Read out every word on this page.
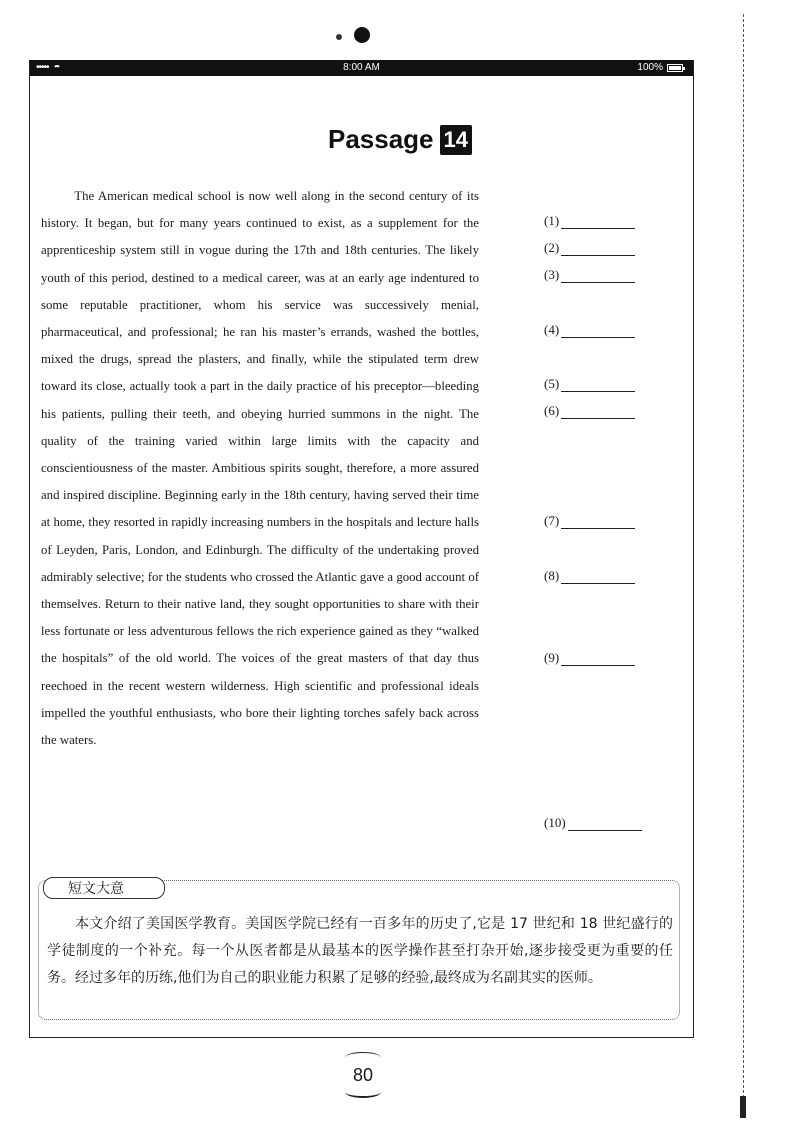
•••••	8:00 AM	100%
Passage 14

The American medical school is now well along in the second century of its history. It began, but for many years continued to exist, as a supplement for the apprenticeship system still in vogue during the 17th and 18th centuries. The likely youth of this period, destined to a medical career, was at an early age indentured to some reputable practitioner, whom his service was successively menial, pharmaceutical, and professional; he ran his master’s errands, washed the bottles, mixed the drugs, spread the plasters, and finally, while the stipulated term drew toward its close, actually took a part in the daily practice of his preceptor—bleeding his patients, pulling their teeth, and obeying hurried summons in the night. The quality of the training varied within large limits with the capacity and conscientiousness of the master. Ambitious spirits sought, therefore, a more assured and inspired discipline. Beginning early in the 18th century, having served their time at home, they resorted in rapidly increasing numbers in the hospitals and lecture halls of Leyden, Paris, London, and Edinburgh. The difficulty of the undertaking proved admirably selective; for the students who crossed the Atlantic gave a good account of themselves. Return to their native land, they sought opportunities to share with their less fortunate or less adventurous fellows the rich experience gained as they “walked the hospitals” of the old world. The voices of the great masters of that day thus reechoed in the recent western wilderness. High scientific and professional ideals impelled the youthful enthusiasts, who bore their lighting torches safely back across the waters.

(1)
(2)
(3)
(4)
(5)
(6)
(7)
(8)
(9)
(10)
短文大意

本文介绍了美国医学教育。美国医学院已经有一百多年的历史了,它是 17 世纪和 18 世纪盛行的学徒制度的一个补充。每一个从医者都是从最基本的医学操作甚至打杂开始,逐步接受更为重要的任务。经过多年的历练,他们为自己的职业能力积累了足够的经验,最终成为名副其实的医师。

80
